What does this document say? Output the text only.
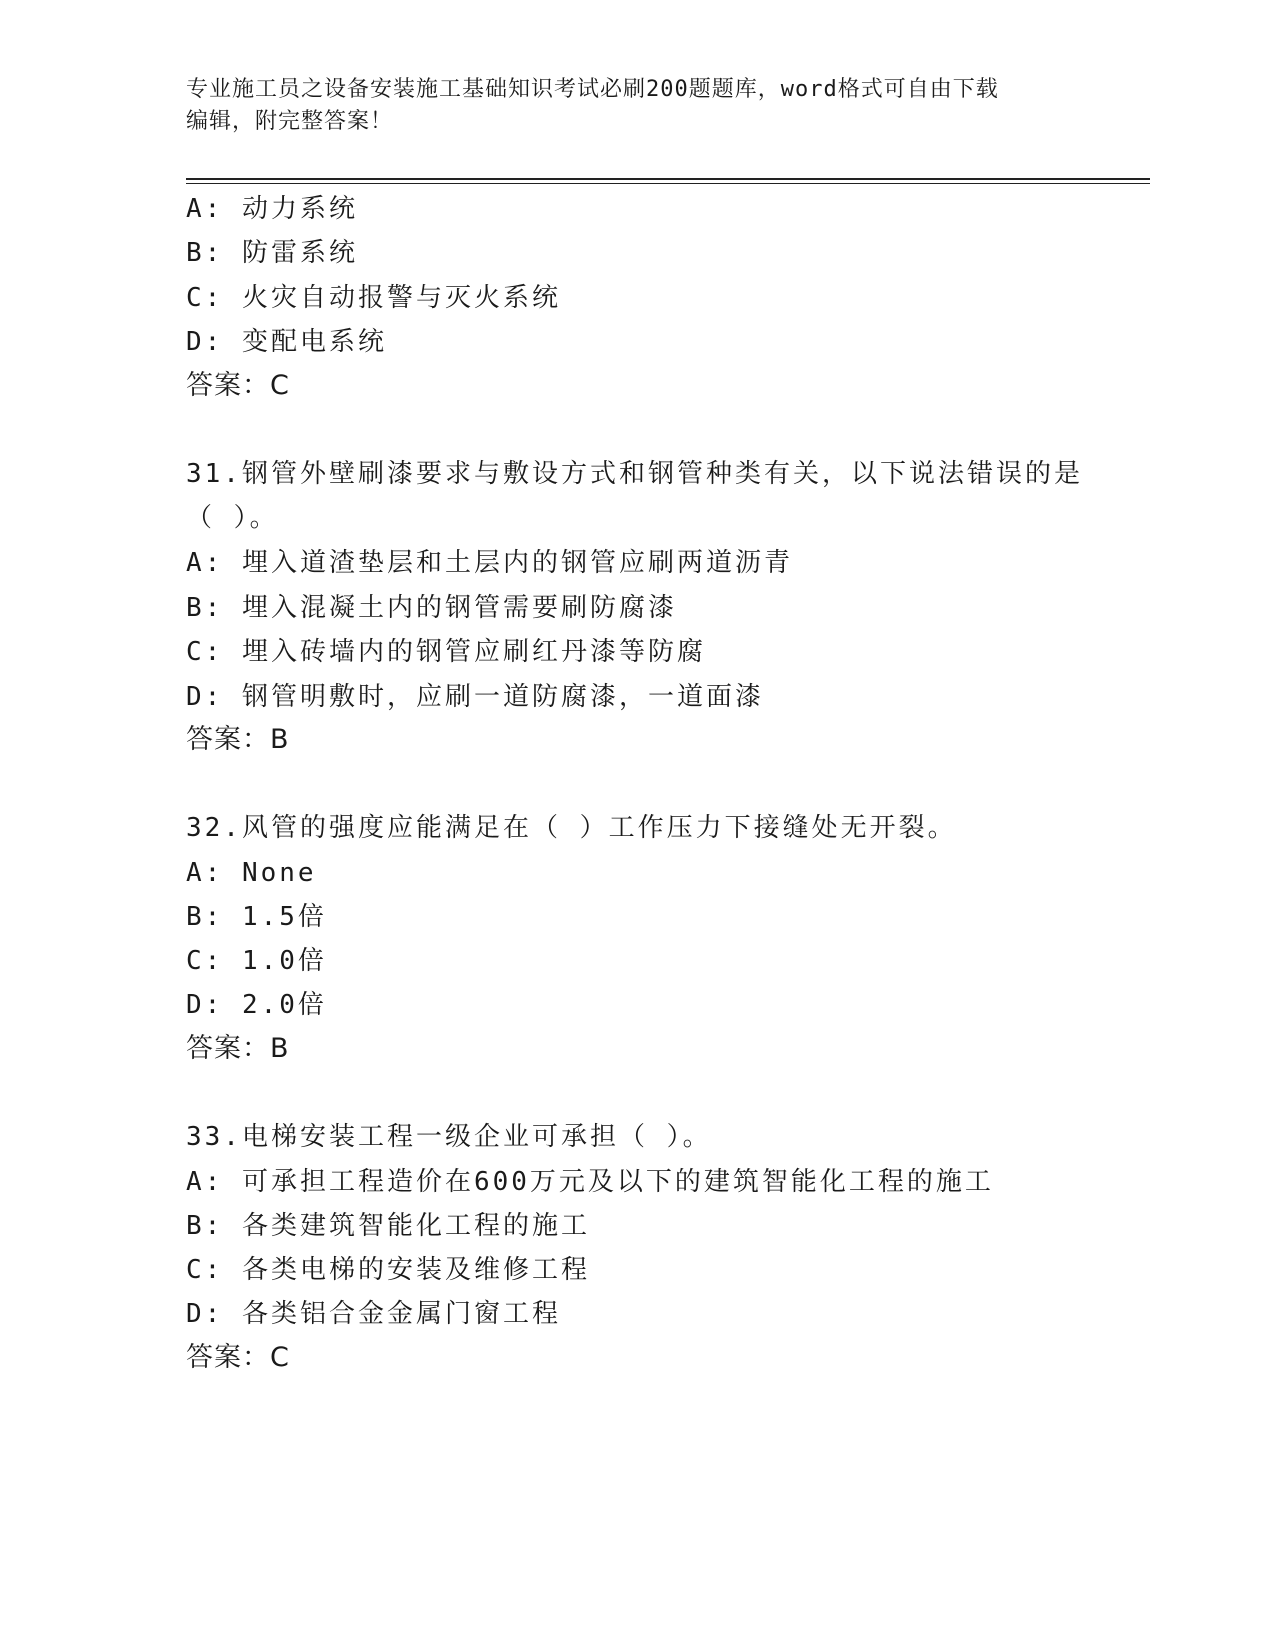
专业施工员之设备安装施工基础知识考试必刷200题题库，word格式可自由下载
编辑，附完整答案！
A: 动力系统
B: 防雷系统
C: 火灾自动报警与灭火系统
D: 变配电系统
答案：C
31.钢管外壁刷漆要求与敷设方式和钢管种类有关，以下说法错误的是
（ ）。
A: 埋入道渣垫层和土层内的钢管应刷两道沥青
B: 埋入混凝土内的钢管需要刷防腐漆
C: 埋入砖墙内的钢管应刷红丹漆等防腐
D: 钢管明敷时，应刷一道防腐漆，一道面漆
答案：B
32.风管的强度应能满足在（ ）工作压力下接缝处无开裂。
A: None
B: 1.5倍
C: 1.0倍
D: 2.0倍
答案：B
33.电梯安装工程一级企业可承担（ ）。
A: 可承担工程造价在600万元及以下的建筑智能化工程的施工
B: 各类建筑智能化工程的施工
C: 各类电梯的安装及维修工程
D: 各类铝合金金属门窗工程
答案：C
